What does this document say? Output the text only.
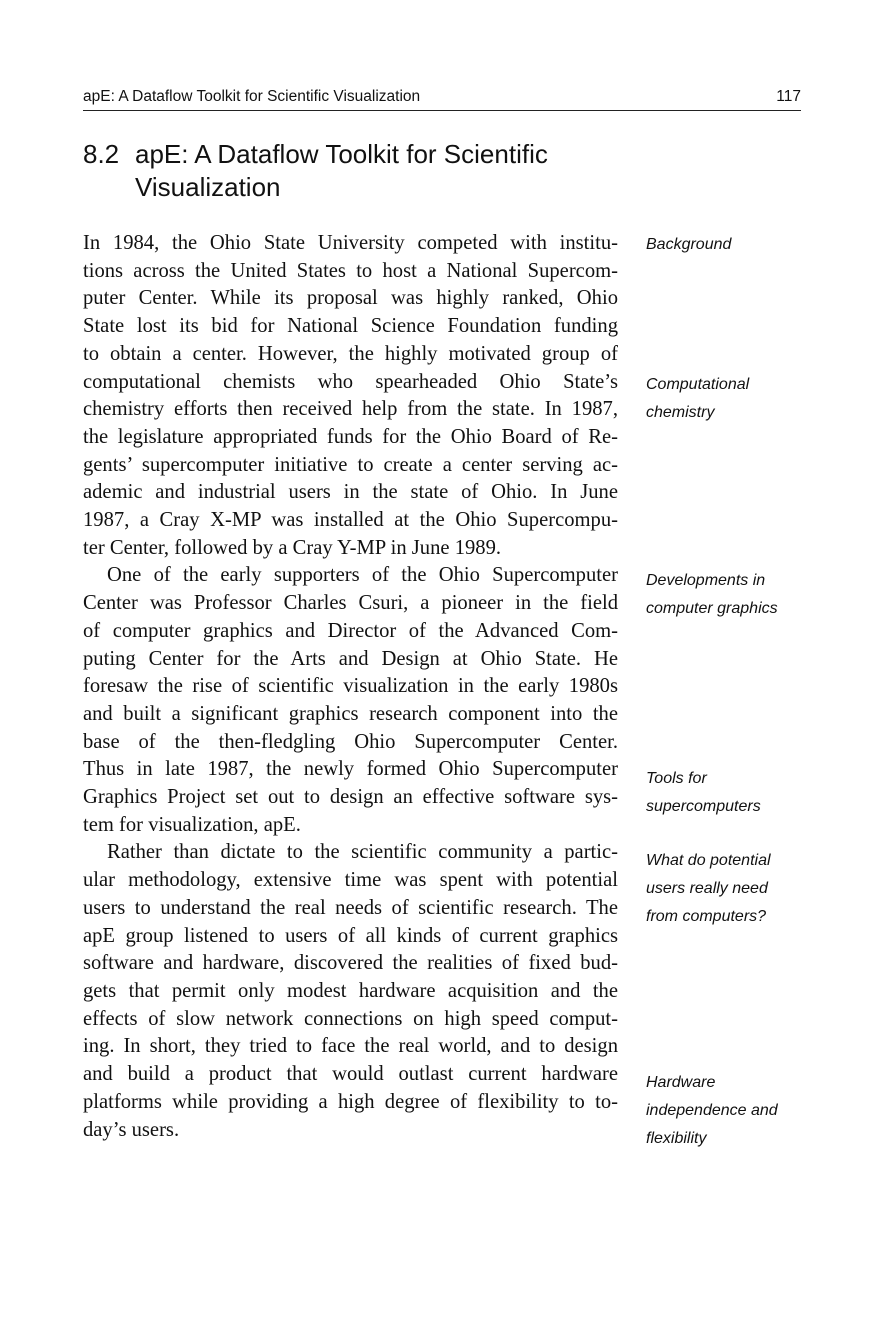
apE: A Dataflow Toolkit for Scientific Visualization	117
8.2 apE: A Dataflow Toolkit for Scientific
Visualization
In 1984, the Ohio State University competed with institu-
tions across the United States to host a National Supercom-
puter Center. While its proposal was highly ranked, Ohio
State lost its bid for National Science Foundation funding
to obtain a center. However, the highly motivated group of
computational chemists who spearheaded Ohio State’s
chemistry efforts then received help from the state. In 1987,
the legislature appropriated funds for the Ohio Board of Re-
gents’ supercomputer initiative to create a center serving ac-
ademic and industrial users in the state of Ohio. In June
1987, a Cray X-MP was installed at the Ohio Supercompu-
ter Center, followed by a Cray Y-MP in June 1989.
One of the early supporters of the Ohio Supercomputer
Center was Professor Charles Csuri, a pioneer in the field
of computer graphics and Director of the Advanced Com-
puting Center for the Arts and Design at Ohio State. He
foresaw the rise of scientific visualization in the early 1980s
and built a significant graphics research component into the
base of the then-fledgling Ohio Supercomputer Center.
Thus in late 1987, the newly formed Ohio Supercomputer
Graphics Project set out to design an effective software sys-
tem for visualization, apE.
Rather than dictate to the scientific community a partic-
ular methodology, extensive time was spent with potential
users to understand the real needs of scientific research. The
apE group listened to users of all kinds of current graphics
software and hardware, discovered the realities of fixed bud-
gets that permit only modest hardware acquisition and the
effects of slow network connections on high speed comput-
ing. In short, they tried to face the real world, and to design
and build a product that would outlast current hardware
platforms while providing a high degree of flexibility to to-
day’s users.
Background
Computational
chemistry
Developments in
computer graphics
Tools for
supercomputers
What do potential
users really need
from computers?
Hardware
independence and
flexibility
